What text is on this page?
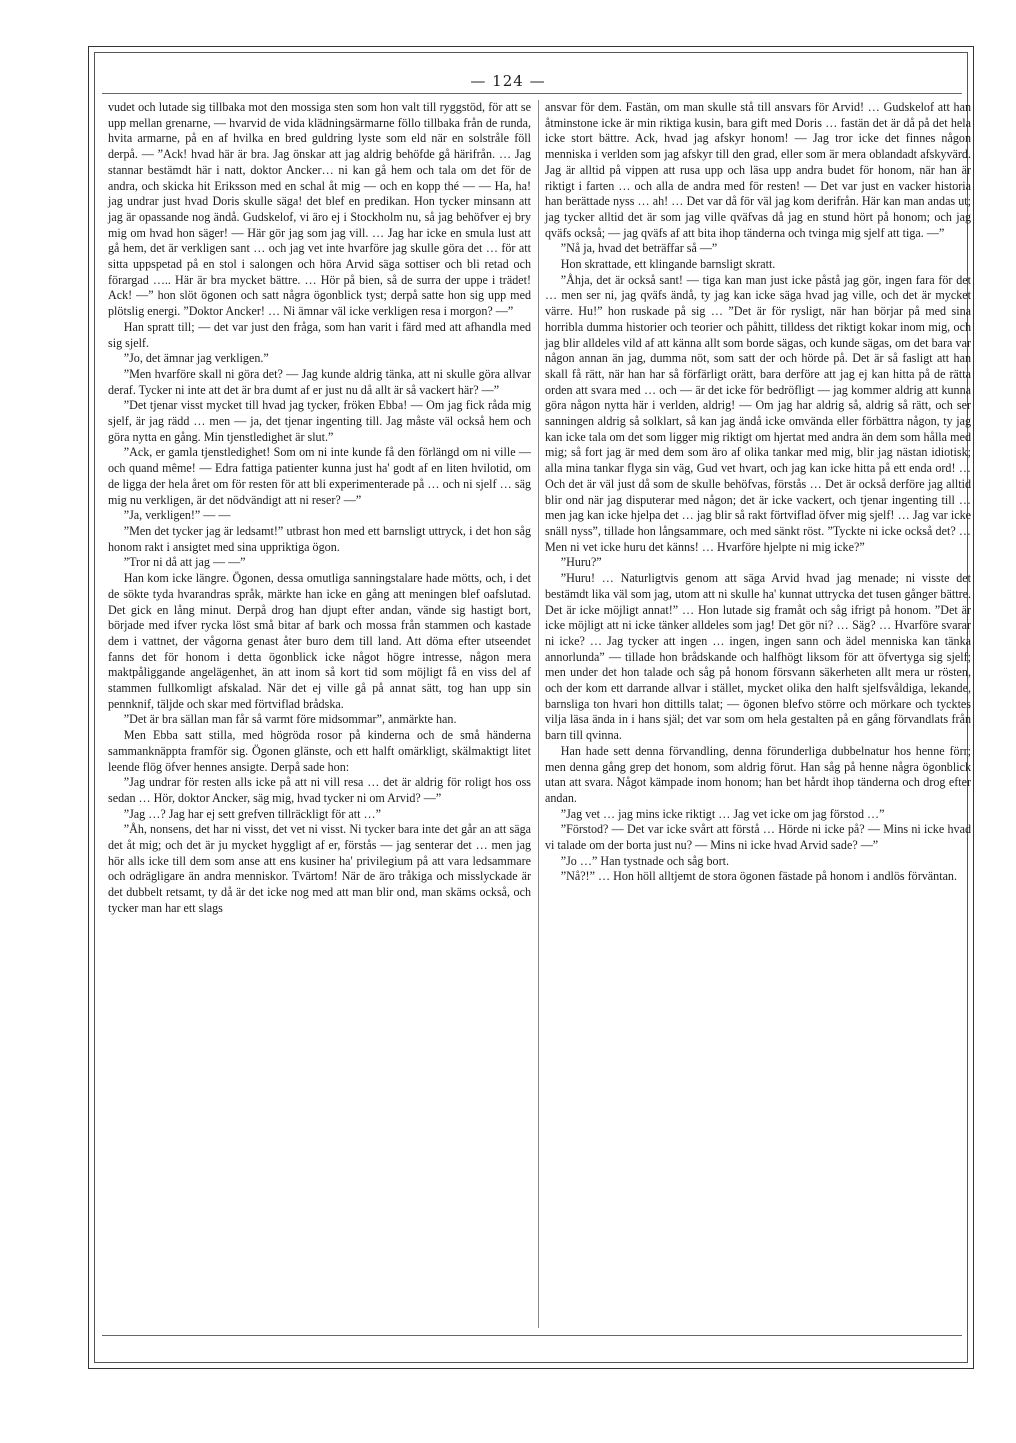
— 124 —

vudet och lutade sig tillbaka mot den mossiga sten som hon valt till ryggstöd, för att se upp mellan grenarne, — hvarvid de vida klädningsärmarne föllo tillbaka från de runda, hvita armarne, på en af hvilka en bred guldring lyste som eld när en solstråle föll derpå. — ”Ack! hvad här är bra. Jag önskar att jag aldrig behöfde gå härifrån. … Jag stannar bestämdt här i natt, doktor Ancker… ni kan gå hem och tala om det för de andra, och skicka hit Eriksson med en schal åt mig — och en kopp thé — — Ha, ha! jag undrar just hvad Doris skulle säga! det blef en predikan. Hon tycker minsann att jag är opassande nog ändå. Gudskelof, vi äro ej i Stockholm nu, så jag behöfver ej bry mig om hvad hon säger! — Här gör jag som jag vill. … Jag har icke en smula lust att gå hem, det är verkligen sant … och jag vet inte hvarföre jag skulle göra det … för att sitta uppspetad på en stol i salongen och höra Arvid säga sottiser och bli retad och förargad ….. Här är bra mycket bättre. … Hör på bien, så de surra der uppe i trädet! Ack! —” hon slöt ögonen och satt några ögonblick tyst; derpå satte hon sig upp med plötslig energi. ”Doktor Ancker! … Ni ämnar väl icke verkligen resa i morgon? —”

Han spratt till; — det var just den fråga, som han varit i färd med att afhandla med sig sjelf.

”Jo, det ämnar jag verkligen.”

”Men hvarföre skall ni göra det? — Jag kunde aldrig tänka, att ni skulle göra allvar deraf. Tycker ni inte att det är bra dumt af er just nu då allt är så vackert här? —”

”Det tjenar visst mycket till hvad jag tycker, fröken Ebba! — Om jag fick råda mig sjelf, är jag rädd … men — ja, det tjenar ingenting till. Jag måste väl också hem och göra nytta en gång. Min tjenstledighet är slut.”

”Ack, er gamla tjenstledighet! Som om ni inte kunde få den förlängd om ni ville — och quand même! — Edra fattiga patienter kunna just ha' godt af en liten hvilotid, om de ligga der hela året om för resten för att bli experimenterade på … och ni sjelf … säg mig nu verkligen, är det nödvändigt att ni reser? —”

”Ja, verkligen!” — —

”Men det tycker jag är ledsamt!” utbrast hon med ett barnsligt uttryck, i det hon såg honom rakt i ansigtet med sina uppriktiga ögon.

”Tror ni då att jag — —”

Han kom icke längre. Ögonen, dessa omutliga sanningstalare hade mötts, och, i det de sökte tyda hvarandras språk, märkte han icke en gång att meningen blef oafslutad. Det gick en lång minut. Derpå drog han djupt efter andan, vände sig hastigt bort, började med ifver rycka löst små bitar af bark och mossa från stammen och kastade dem i vattnet, der vågorna genast åter buro dem till land. Att döma efter utseendet fanns det för honom i detta ögonblick icke något högre intresse, någon mera maktpåliggande angelägenhet, än att inom så kort tid som möjligt få en viss del af stammen fullkomligt afskalad. När det ej ville gå på annat sätt, tog han upp sin pennknif, täljde och skar med förtviflad brådska.

”Det är bra sällan man får så varmt före midsommar”, anmärkte han.

Men Ebba satt stilla, med högröda rosor på kinderna och de små händerna sammanknäppta framför sig. Ögonen glänste, och ett halft omärkligt, skälmaktigt litet leende flög öfver hennes ansigte. Derpå sade hon:

”Jag undrar för resten alls icke på att ni vill resa … det är aldrig för roligt hos oss sedan … Hör, doktor Ancker, säg mig, hvad tycker ni om Arvid? —”

”Jag …? Jag har ej sett grefven tillräckligt för att …”

”Åh, nonsens, det har ni visst, det vet ni visst. Ni tycker bara inte det går an att säga det åt mig; och det är ju mycket hyggligt af er, förstås — jag senterar det … men jag hör alls icke till dem som anse att ens kusiner ha' privilegium på att vara ledsammare och odrägligare än andra menniskor. Tvärtom! När de äro tråkiga och misslyckade är det dubbelt retsamt, ty då är det icke nog med att man blir ond, man skäms också, och tycker man har ett slags

ansvar för dem. Fastän, om man skulle stå till ansvars för Arvid! … Gudskelof att han åtminstone icke är min riktiga kusin, bara gift med Doris … fastän det är då på det hela icke stort bättre. Ack, hvad jag afskyr honom! — Jag tror icke det finnes någon menniska i verlden som jag afskyr till den grad, eller som är mera oblandadt afskyvärd. Jag är alltid på vippen att rusa upp och läsa upp andra budet för honom, när han är riktigt i farten … och alla de andra med för resten! — Det var just en vacker historia han berättade nyss … ah! … Det var då för väl jag kom derifrån. Här kan man andas ut; jag tycker alltid det är som jag ville qväfvas då jag en stund hört på honom; och jag qväfs också; — jag qväfs af att bita ihop tänderna och tvinga mig sjelf att tiga. —”

”Nå ja, hvad det beträffar så —”

Hon skrattade, ett klingande barnsligt skratt.

”Åhja, det är också sant! — tiga kan man just icke påstå jag gör, ingen fara för det … men ser ni, jag qväfs ändå, ty jag kan icke säga hvad jag ville, och det är mycket värre. Hu!” hon ruskade på sig … ”Det är för rysligt, när han börjar på med sina horribla dumma historier och teorier och påhitt, tilldess det riktigt kokar inom mig, och jag blir alldeles vild af att känna allt som borde sägas, och kunde sägas, om det bara var någon annan än jag, dumma nöt, som satt der och hörde på. Det är så fasligt att han skall få rätt, när han har så förfärligt orätt, bara derföre att jag ej kan hitta på de rätta orden att svara med … och — är det icke för bedröfligt — jag kommer aldrig att kunna göra någon nytta här i verlden, aldrig! — Om jag har aldrig så, aldrig så rätt, och ser sanningen aldrig så solklart, så kan jag ändå icke omvända eller förbättra någon, ty jag kan icke tala om det som ligger mig riktigt om hjertat med andra än dem som hålla med mig; så fort jag är med dem som äro af olika tankar med mig, blir jag nästan idiotisk; alla mina tankar flyga sin väg, Gud vet hvart, och jag kan icke hitta på ett enda ord! … Och det är väl just då som de skulle behöfvas, förstås … Det är också derföre jag alltid blir ond när jag disputerar med någon; det är icke vackert, och tjenar ingenting till … men jag kan icke hjelpa det … jag blir så rakt förtviflad öfver mig sjelf! … Jag var icke snäll nyss”, tillade hon långsammare, och med sänkt röst. ”Tyckte ni icke också det? … Men ni vet icke huru det känns! … Hvarföre hjelpte ni mig icke?”

”Huru?”

”Huru! … Naturligtvis genom att säga Arvid hvad jag menade; ni visste det bestämdt lika väl som jag, utom att ni skulle ha' kunnat uttrycka det tusen gånger bättre. Det är icke möjligt annat!” … Hon lutade sig framåt och såg ifrigt på honom. ”Det är icke möjligt att ni icke tänker alldeles som jag! Det gör ni? … Säg? … Hvarföre svarar ni icke? … Jag tycker att ingen … ingen, ingen sann och ädel menniska kan tänka annorlunda” — tillade hon brådskande och halfhögt liksom för att öfvertyga sig sjelf; men under det hon talade och såg på honom försvann säkerheten allt mera ur rösten, och der kom ett darrande allvar i stället, mycket olika den halft sjelfsvåldiga, lekande, barnsliga ton hvari hon dittills talat; — ögonen blefvo större och mörkare och tycktes vilja läsa ända in i hans själ; det var som om hela gestalten på en gång förvandlats från barn till qvinna.

Han hade sett denna förvandling, denna förunderliga dubbelnatur hos henne förr; men denna gång grep det honom, som aldrig förut. Han såg på henne några ögonblick utan att svara. Något kämpade inom honom; han bet hårdt ihop tänderna och drog efter andan.

”Jag vet … jag mins icke riktigt … Jag vet icke om jag förstod …”

”Förstod? — Det var icke svårt att förstå … Hörde ni icke på? — Mins ni icke hvad vi talade om der borta just nu? — Mins ni icke hvad Arvid sade? —”

”Jo …” Han tystnade och såg bort.

”Nå?!” … Hon höll alltjemt de stora ögonen fästade på honom i andlös förväntan.
